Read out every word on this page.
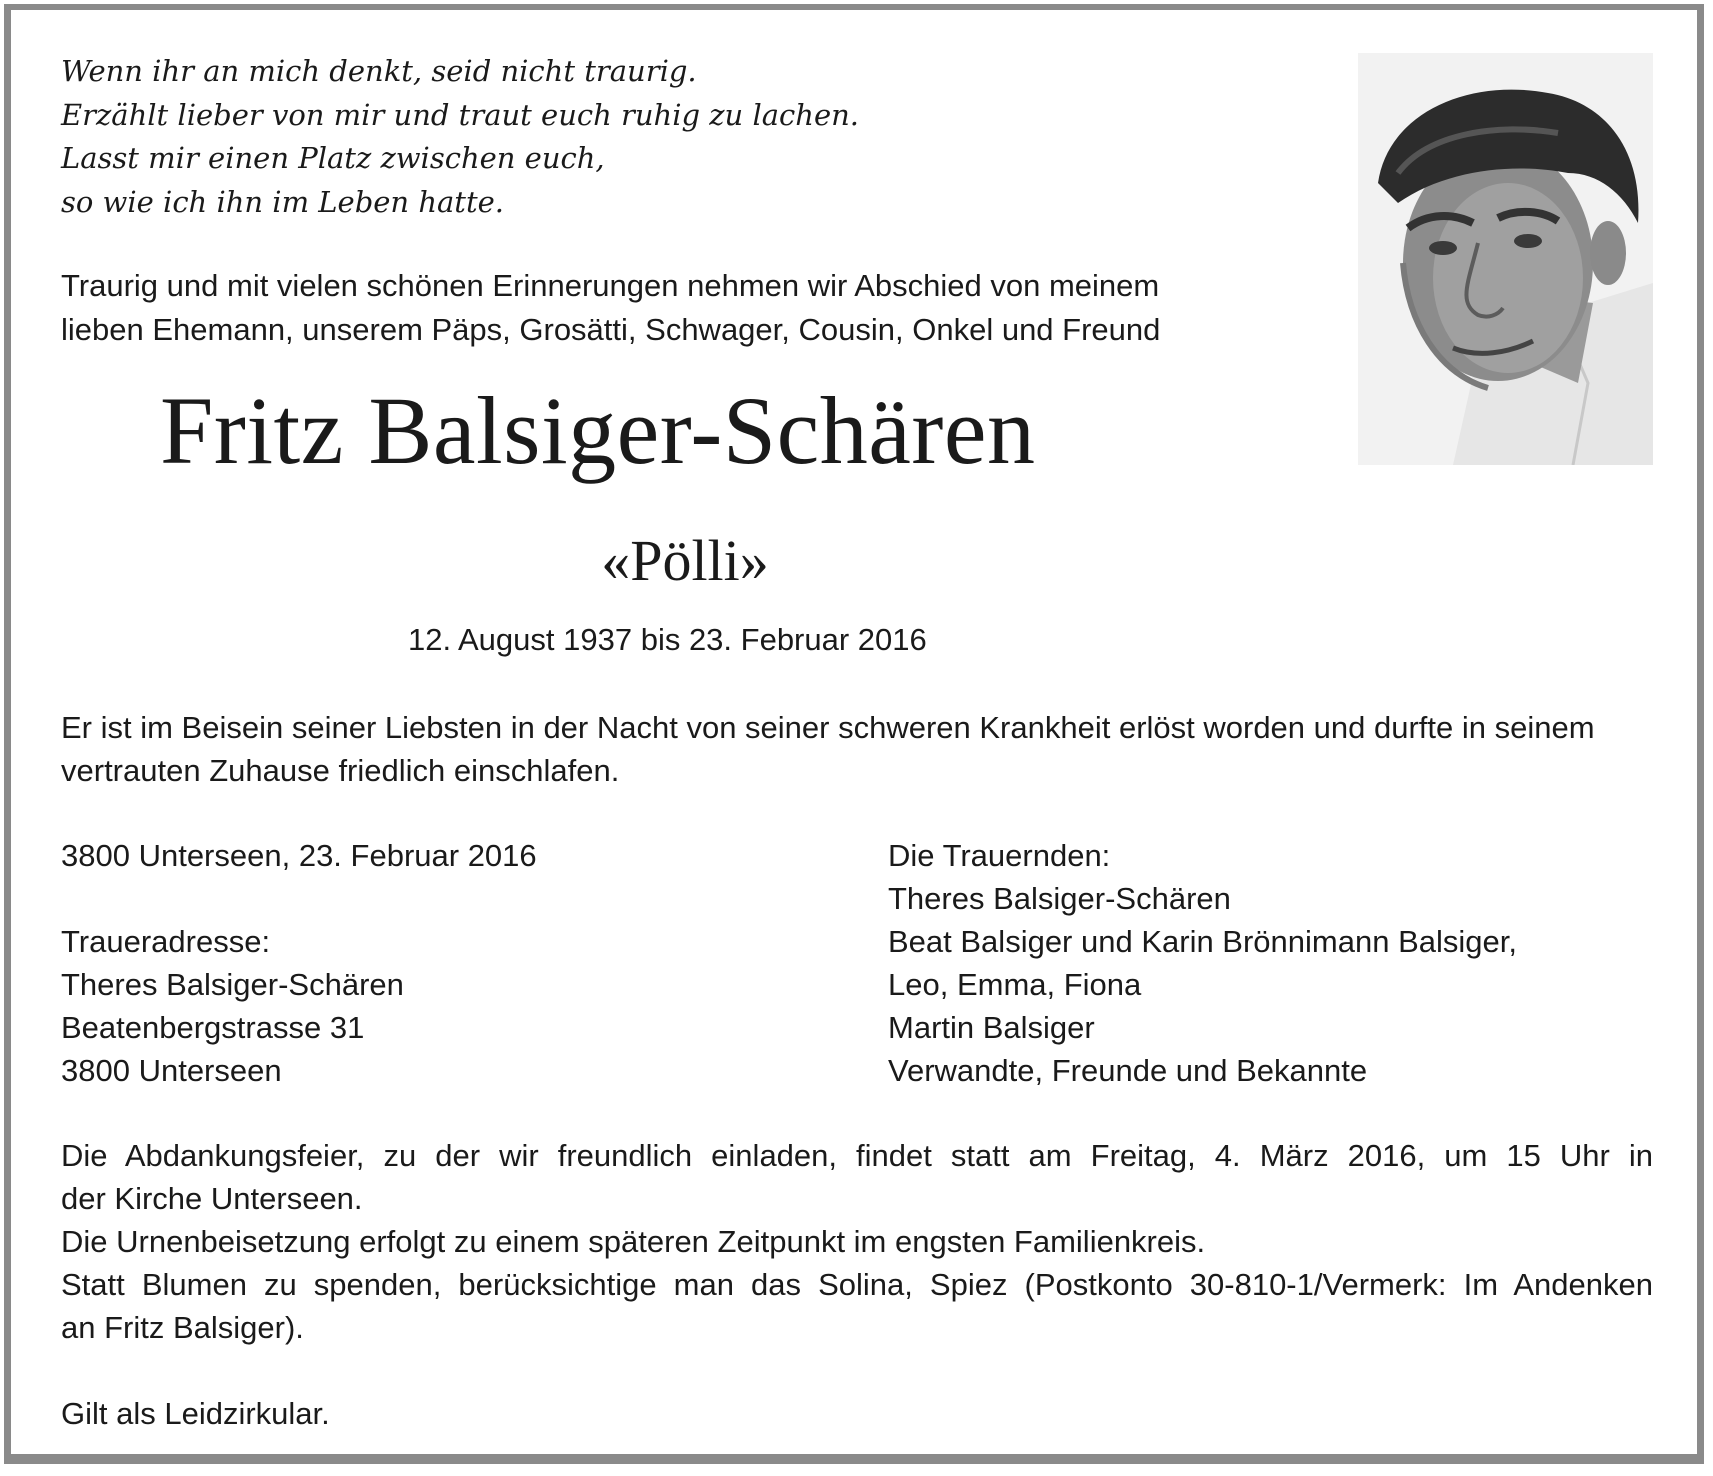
Wenn ihr an mich denkt, seid nicht traurig.
Erzählt lieber von mir und traut euch ruhig zu lachen.
Lasst mir einen Platz zwischen euch,
so wie ich ihn im Leben hatte.
Traurig und mit vielen schönen Erinnerungen nehmen wir Abschied von meinem
lieben Ehemann, unserem Päps, Grosätti, Schwager, Cousin, Onkel und Freund
Fritz Balsiger-Schären
«Pölli»
12. August 1937 bis 23. Februar 2016
Er ist im Beisein seiner Liebsten in der Nacht von seiner schweren Krankheit erlöst worden und durfte in seinem
vertrauten Zuhause friedlich einschlafen.
3800 Unterseen, 23. Februar 2016
Traueradresse:
Theres Balsiger-Schären
Beatenbergstrasse 31
3800 Unterseen
Die Trauernden:
Theres Balsiger-Schären
Beat Balsiger und Karin Brönnimann Balsiger,
Leo, Emma, Fiona
Martin Balsiger
Verwandte, Freunde und Bekannte
Die Abdankungsfeier, zu der wir freundlich einladen, findet statt am Freitag, 4. März 2016, um 15 Uhr in
der Kirche Unterseen.
Die Urnenbeisetzung erfolgt zu einem späteren Zeitpunkt im engsten Familienkreis.
Statt Blumen zu spenden, berücksichtige man das Solina, Spiez (Postkonto 30-810-1/Vermerk: Im Andenken
an Fritz Balsiger).
Gilt als Leidzirkular.
